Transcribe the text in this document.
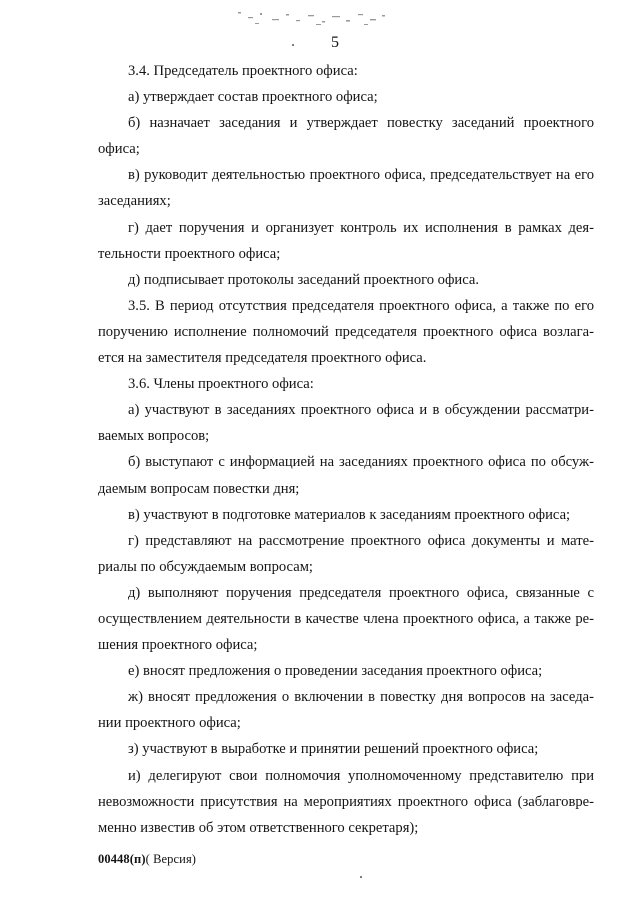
5

3.4. Председатель проектного офиса:

а) утверждает состав проектного офиса;

б) назначает заседания и утверждает повестку заседаний проектного офиса;

в) руководит деятельностью проектного офиса, председательствует на его заседаниях;

г) дает поручения и организует контроль их исполнения в рамках деятельности проектного офиса;

д) подписывает протоколы заседаний проектного офиса.

3.5. В период отсутствия председателя проектного офиса, а также по его поручению исполнение полномочий председателя проектного офиса возлагается на заместителя председателя проектного офиса.

3.6. Члены проектного офиса:

а) участвуют в заседаниях проектного офиса и в обсуждении рассматриваемых вопросов;

б) выступают с информацией на заседаниях проектного офиса по обсуждаемым вопросам повестки дня;

в) участвуют в подготовке материалов к заседаниям проектного офиса;

г) представляют на рассмотрение проектного офиса документы и материалы по обсуждаемым вопросам;

д) выполняют поручения председателя проектного офиса, связанные с осуществлением деятельности в качестве члена проектного офиса, а также решения проектного офиса;

е) вносят предложения о проведении заседания проектного офиса;

ж) вносят предложения о включении в повестку дня вопросов на заседании проектного офиса;

з) участвуют в выработке и принятии решений проектного офиса;

и) делегируют свои полномочия уполномоченному представителю при невозможности присутствия на мероприятиях проектного офиса (заблаговременно известив об этом ответственного секретаря);

00448(п)( Версия)
